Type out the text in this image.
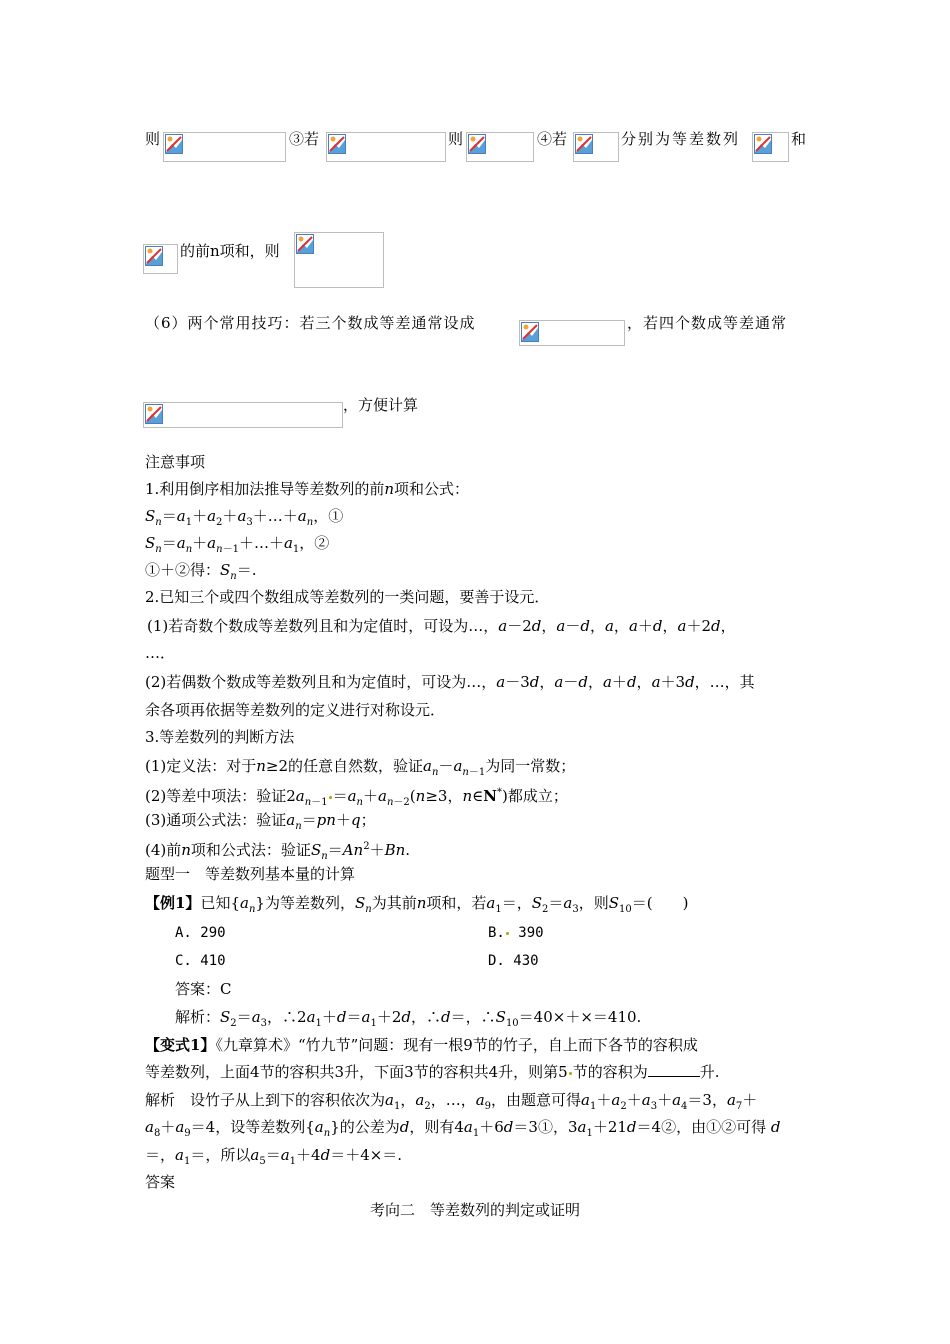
则	③若	则	④若	分别为等差数列	和
的前n项和，则
（6）两个常用技巧：若三个数成等差通常设成	，若四个数成等差通常
，方便计算
注意事项
1.利用倒序相加法推导等差数列的前n项和公式：
$S_n=a_1+a_2+a_3+\dots+a_n$，①
$S_n=a_n+a_{n-1}+\dots+a_1$，②
①＋②得：$S_n=$.
2.已知三个或四个数组成等差数列的一类问题，要善于设元．
(1)若奇数个数成等差数列且和为定值时，可设为…，a－2d，a－d，a，a＋d，a＋2d，
…．
(2)若偶数个数成等差数列且和为定值时，可设为…，a－3d，a－d，a＋d，a＋3d，…，其
余各项再依据等差数列的定义进行对称设元．
3.等差数列的判断方法
(1)定义法：对于n≥2的任意自然数，验证$a_n-a_{n-1}$为同一常数；
(2)等差中项法：验证$2a_{n-1} =a_n+a_{n-2}(n\ge 3$，n∈N*)都成立；
(3)通项公式法：验证$a_n=pn+q$；
(4)前n项和公式法：验证$S_n=An^2+Bn$.
题型一　等差数列基本量的计算
【例1】已知$\{a_n\}$为等差数列，$S_n$为其前n项和，若$a_1=$，$S_2=a_3$，则$S_{10}=$(　　)
A. 290	B. 390
C. 410	D. 430
答案：C
解析：$S_2=a_3$，$\therefore 2a_1+d=a_1+2d$，∴d＝，$\therefore S_{10}=40\times+\times=410$.
【变式1】《九章算术》“竹九节”问题：现有一根9节的竹子，自上而下各节的容积成
等差数列，上面4节的容积共3升，下面3节的容积共4升，则第5 节的容积为	升.
解析　设竹子从上到下的容积依次为$a_1$，$a_2$，…，$a_9$，由题意可得$a_1+a_2+a_3+a_4=3$，$a_7+$
$a_8+a_9=4$，设等差数列$\{a_n\}$的公差为d，则有$4a_1+6d=3①$，$3a_1+21d=4②$，由①②可得 d
＝，$a_1=$，所以$a_5=a_1+4d=+4\times=$.
答案
考向二　等差数列的判定或证明
